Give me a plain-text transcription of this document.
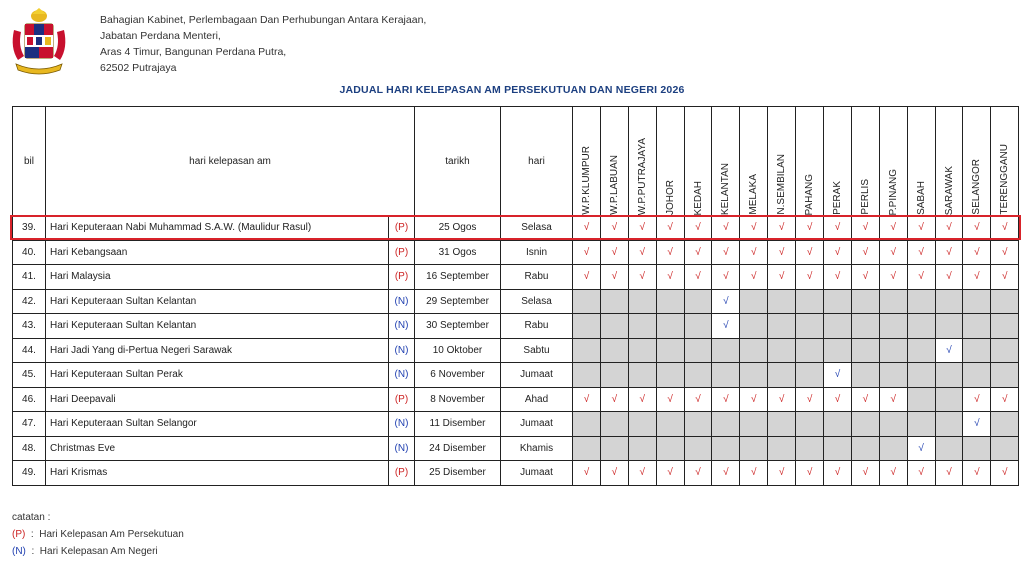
Bahagian Kabinet, Perlembagaan Dan Perhubungan Antara Kerajaan,
Jabatan Perdana Menteri,
Aras 4 Timur, Bangunan Perdana Putra,
62502 Putrajaya
JADUAL HARI KELEPASAN AM PERSEKUTUAN DAN NEGERI 2026
bil	hari kelepasan am		tarikh	hari	W.P.KLUMPUR	W.P.LABUAN	W.P.PUTRAJAYA	JOHOR	KEDAH	KELANTAN	MELAKA	N.SEMBILAN	PAHANG	PERAK	PERLIS	P.PINANG	SABAH	SARAWAK	SELANGOR	TERENGGANU

39.	Hari Keputeraan Nabi Muhammad S.A.W. (Maulidur Rasul)	(P)	25 Ogos	Selasa	√	√	√	√	√	√	√	√	√	√	√	√	√	√	√	√
40.	Hari Kebangsaan	(P)	31 Ogos	Isnin	√	√	√	√	√	√	√	√	√	√	√	√	√	√	√	√
41.	Hari Malaysia	(P)	16 September	Rabu	√	√	√	√	√	√	√	√	√	√	√	√	√	√	√	√
42.	Hari Keputeraan Sultan Kelantan	(N)	29 September	Selasa						√										
43.	Hari Keputeraan Sultan Kelantan	(N)	30 September	Rabu						√										
44.	Hari Jadi Yang di-Pertua Negeri Sarawak	(N)	10 Oktober	Sabtu														√		
45.	Hari Keputeraan Sultan Perak	(N)	6 November	Jumaat										√						
46.	Hari Deepavali	(P)	8 November	Ahad	√	√	√	√	√	√	√	√	√	√	√	√			√	√
47.	Hari Keputeraan Sultan Selangor	(N)	11 Disember	Jumaat															√	
48.	Christmas Eve	(N)	24 Disember	Khamis													√			
49.	Hari Krismas	(P)	25 Disember	Jumaat	√	√	√	√	√	√	√	√	√	√	√	√	√	√	√	√
catatan :
(P) : Hari Kelepasan Am Persekutuan
(N) : Hari Kelepasan Am Negeri
